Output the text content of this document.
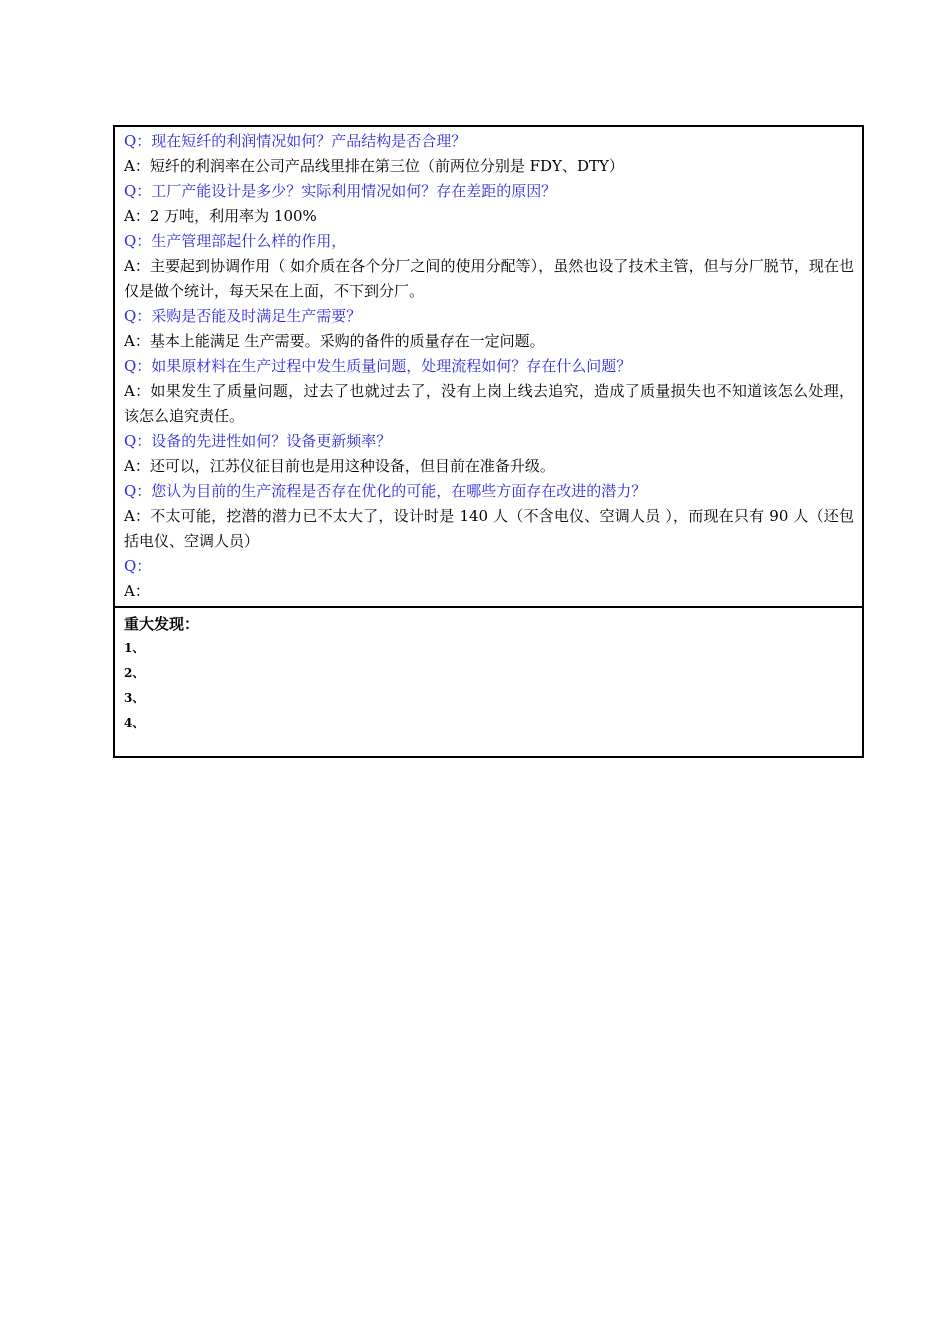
Q：现在短纤的利润情况如何？产品结构是否合理？
A：短纤的利润率在公司产品线里排在第三位（前两位分别是 FDY、DTY）
Q：工厂产能设计是多少？实际利用情况如何？存在差距的原因？
A：2 万吨，利用率为 100%
Q：生产管理部起什么样的作用，
A：主要起到协调作用（ 如介质在各个分厂之间的使用分配等），虽然也设了技术主管，但与分厂脱节，现在也仅是做个统计，每天呆在上面，不下到分厂。
Q：采购是否能及时满足生产需要？
A：基本上能满足 生产需要。采购的备件的质量存在一定问题。
Q：如果原材料在生产过程中发生质量问题，处理流程如何？存在什么问题？
A：如果发生了质量问题，过去了也就过去了，没有上岗上线去追究，造成了质量损失也不知道该怎么处理，该怎么追究责任。
Q：设备的先进性如何？设备更新频率？
A：还可以，江苏仪征目前也是用这种设备，但目前在准备升级。
Q：您认为目前的生产流程是否存在优化的可能，在哪些方面存在改进的潜力？
A：不太可能，挖潜的潜力已不太大了，设计时是 140 人（不含电仪、空调人员 ），而现在只有 90 人（还包括电仪、空调人员）
Q：
A：
重大发现：
1、
2、
3、
4、
